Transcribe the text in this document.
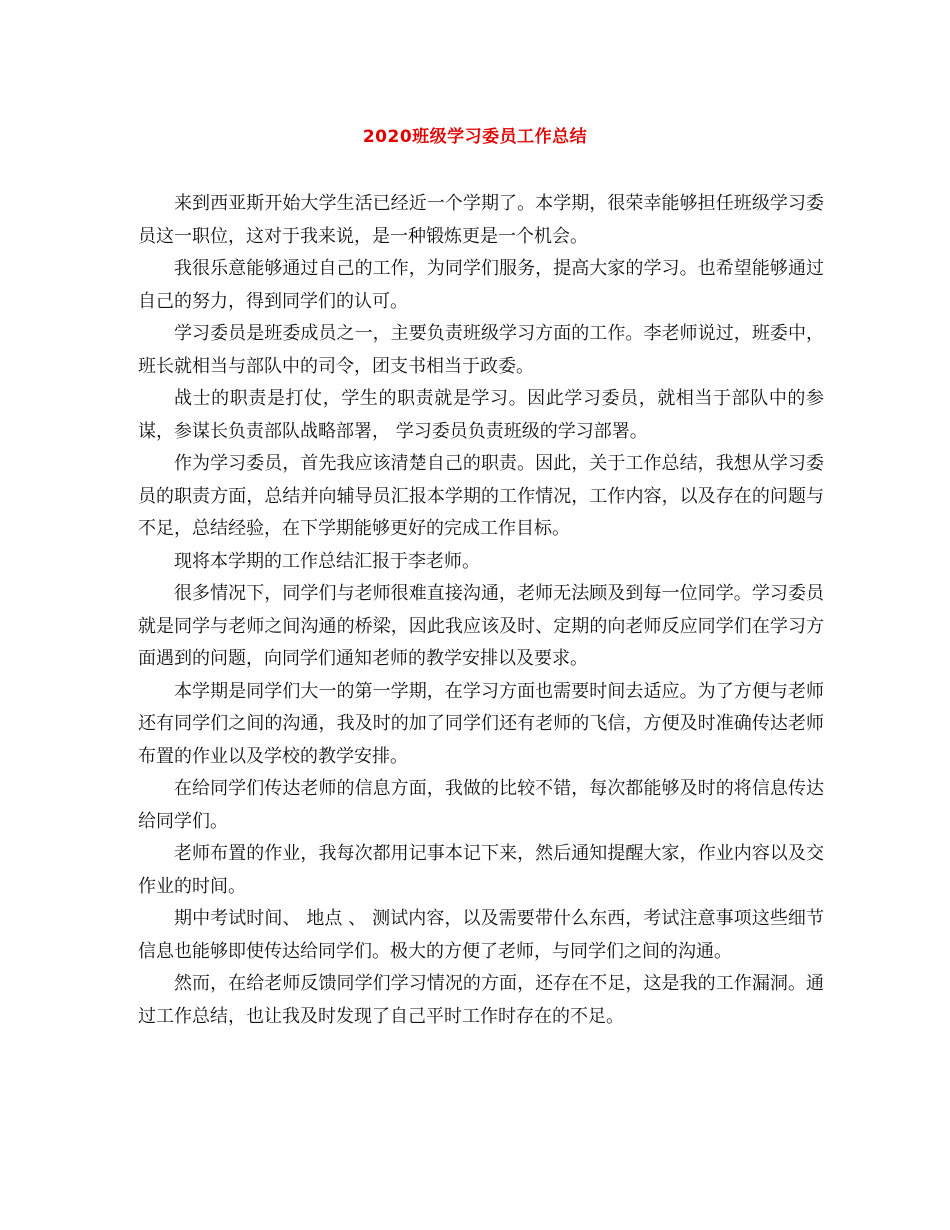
2020班级学习委员工作总结

来到西亚斯开始大学生活已经近一个学期了。本学期，很荣幸能够担任班级学习委员这一职位，这对于我来说，是一种锻炼更是一个机会。

我很乐意能够通过自己的工作，为同学们服务，提高大家的学习。也希望能够通过自己的努力，得到同学们的认可。

学习委员是班委成员之一，主要负责班级学习方面的工作。李老师说过，班委中，班长就相当与部队中的司令，团支书相当于政委。

战士的职责是打仗，学生的职责就是学习。因此学习委员，就相当于部队中的参谋，参谋长负责部队战略部署， 学习委员负责班级的学习部署。

作为学习委员，首先我应该清楚自己的职责。因此，关于工作总结，我想从学习委员的职责方面，总结并向辅导员汇报本学期的工作情况，工作内容，以及存在的问题与不足，总结经验，在下学期能够更好的完成工作目标。

现将本学期的工作总结汇报于李老师。

很多情况下，同学们与老师很难直接沟通，老师无法顾及到每一位同学。学习委员就是同学与老师之间沟通的桥梁，因此我应该及时、定期的向老师反应同学们在学习方面遇到的问题，向同学们通知老师的教学安排以及要求。

本学期是同学们大一的第一学期，在学习方面也需要时间去适应。为了方便与老师还有同学们之间的沟通，我及时的加了同学们还有老师的飞信，方便及时准确传达老师布置的作业以及学校的教学安排。

在给同学们传达老师的信息方面，我做的比较不错，每次都能够及时的将信息传达给同学们。

老师布置的作业，我每次都用记事本记下来，然后通知提醒大家，作业内容以及交作业的时间。

期中考试时间、 地点 、 测试内容，以及需要带什么东西，考试注意事项这些细节信息也能够即使传达给同学们。极大的方便了老师，与同学们之间的沟通。

然而，在给老师反馈同学们学习情况的方面，还存在不足，这是我的工作漏洞。通过工作总结，也让我及时发现了自己平时工作时存在的不足。
